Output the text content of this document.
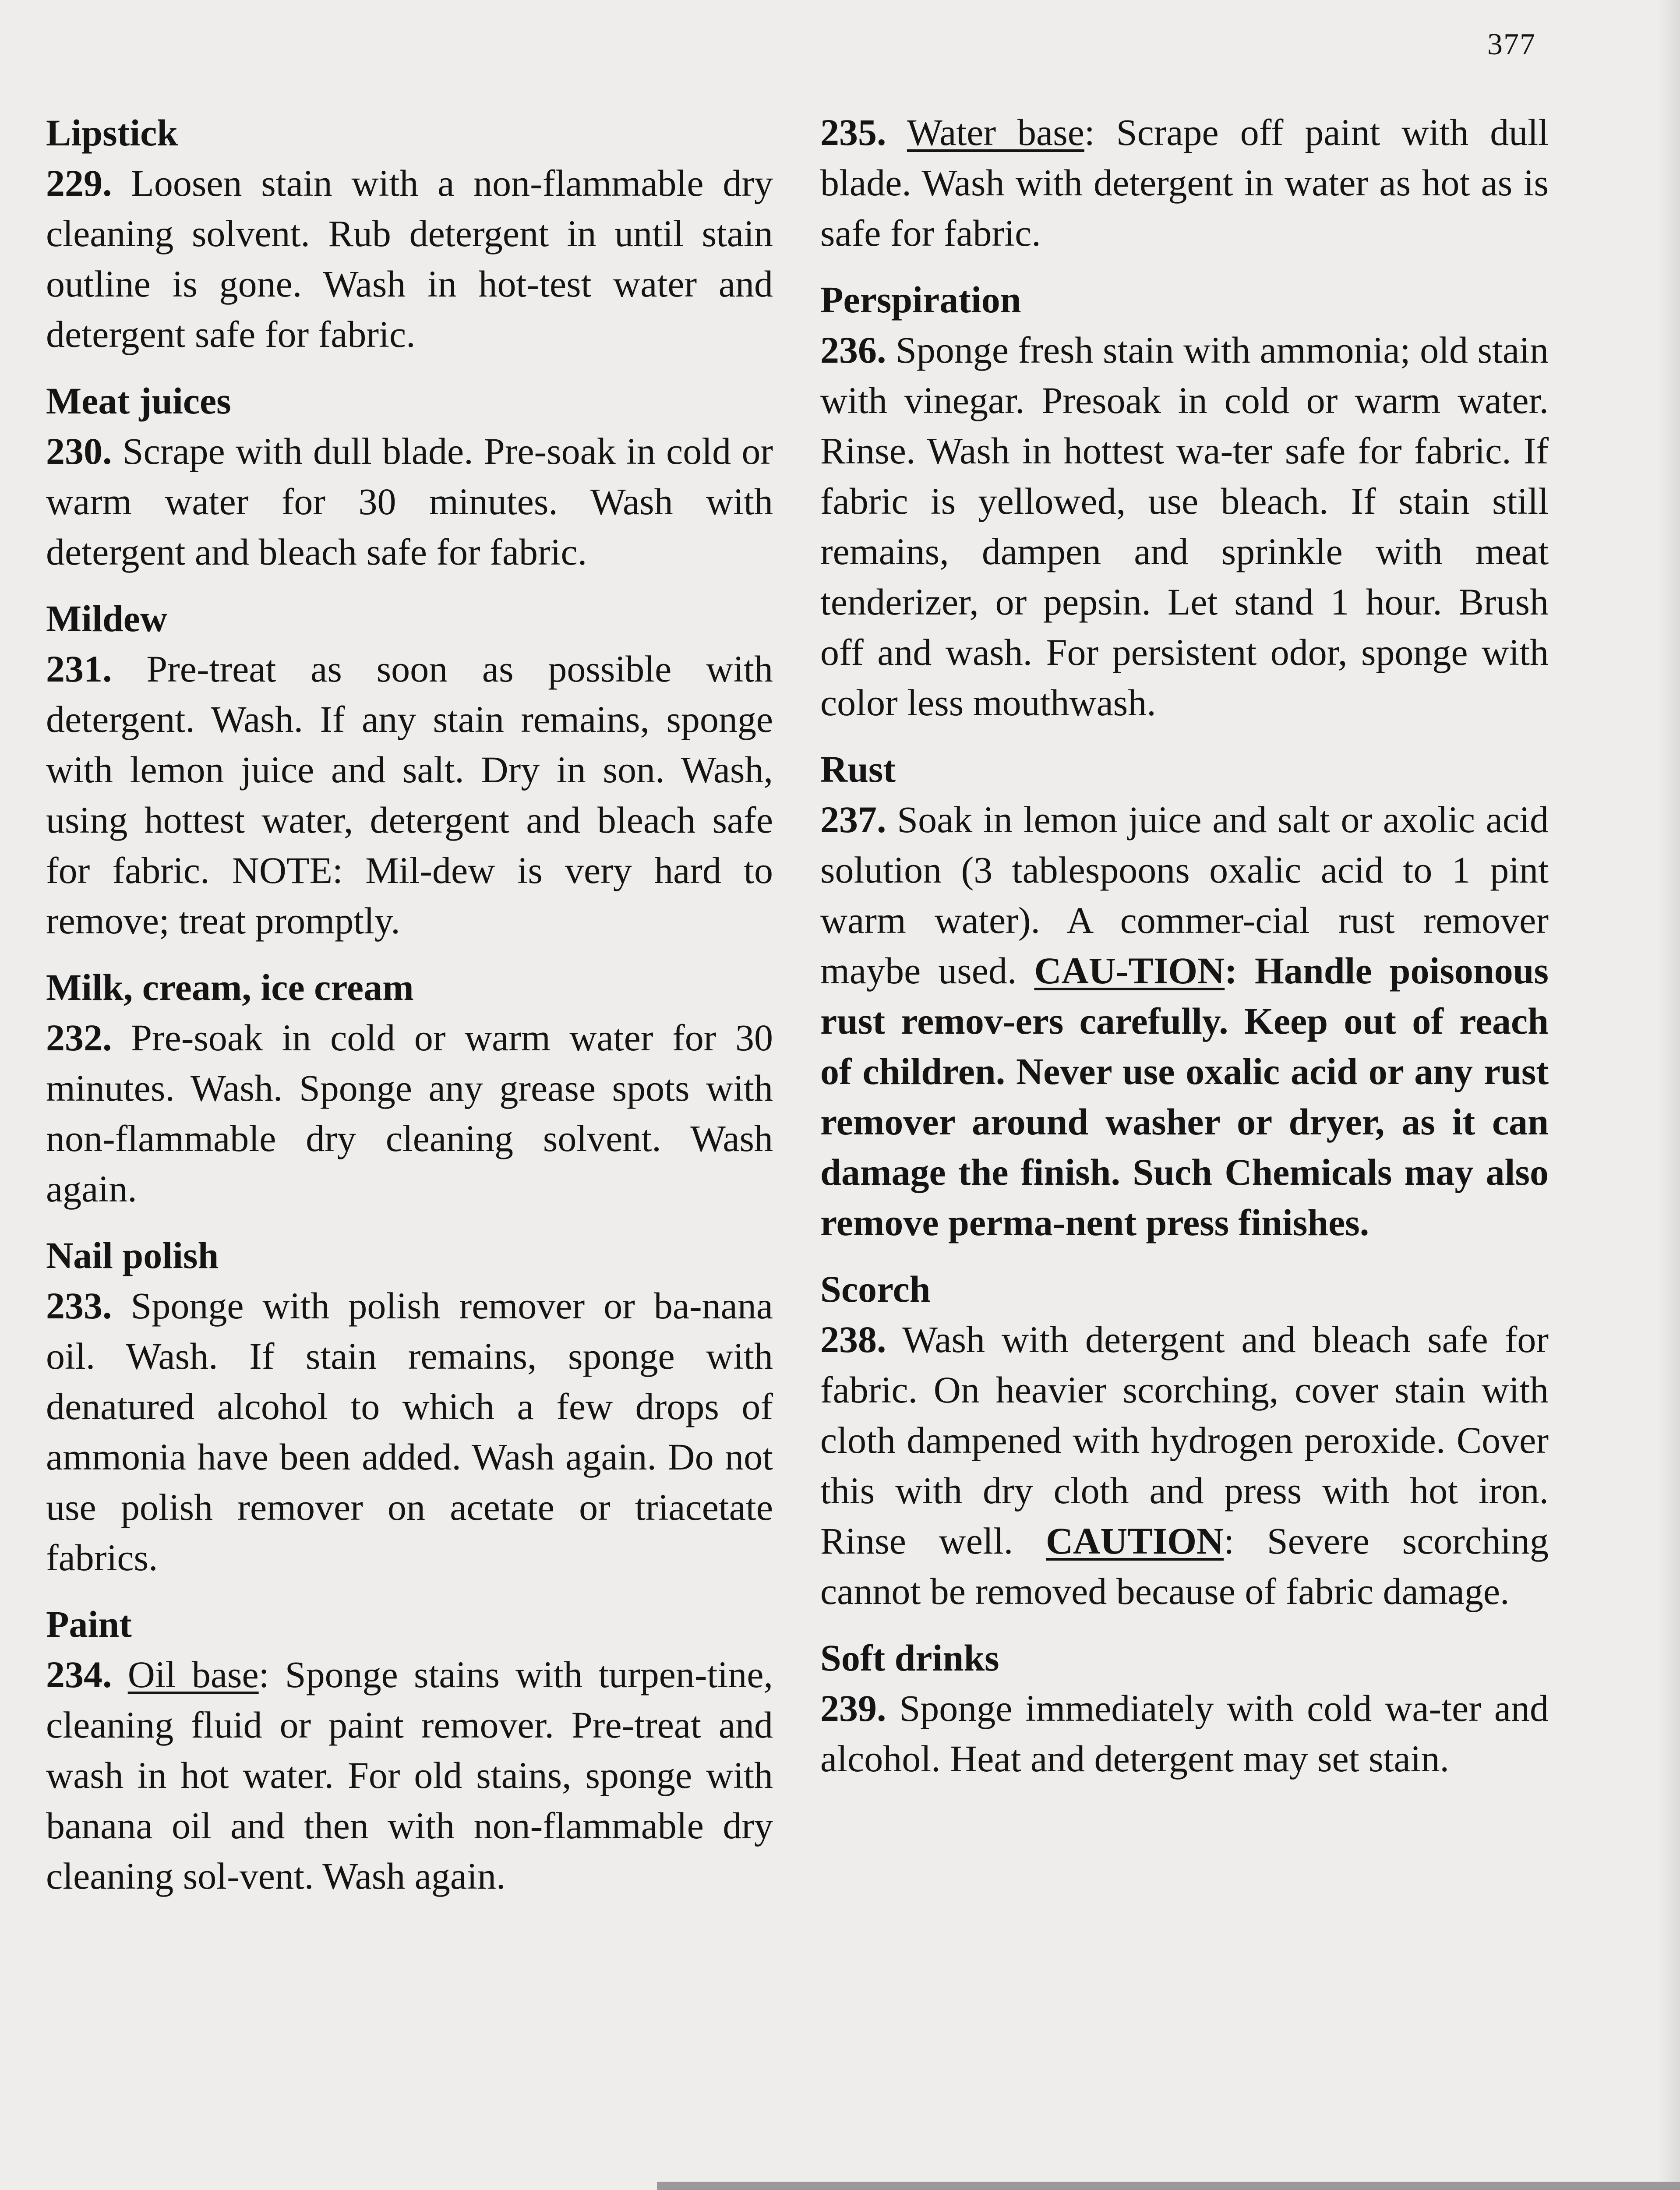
377

Lipstick

229. Loosen stain with a non-flammable dry cleaning solvent. Rub detergent in until stain outline is gone. Wash in hot-test water and detergent safe for fabric.

Meat juices

230. Scrape with dull blade. Pre-soak in cold or warm water for 30 minutes. Wash with detergent and bleach safe for fabric.

Mildew

231. Pre-treat as soon as possible with detergent. Wash. If any stain remains, sponge with lemon juice and salt. Dry in son. Wash, using hottest water, detergent and bleach safe for fabric. NOTE: Mil-dew is very hard to remove; treat promptly.

Milk, cream, ice cream

232. Pre-soak in cold or warm water for 30 minutes. Wash. Sponge any grease spots with non-flammable dry cleaning solvent. Wash again.

Nail polish

233. Sponge with polish remover or ba-nana oil. Wash. If stain remains, sponge with denatured alcohol to which a few drops of ammonia have been added. Wash again. Do not use polish remover on acetate or triacetate fabrics.

Paint

234. Oil base: Sponge stains with turpen-tine, cleaning fluid or paint remover. Pre-treat and wash in hot water. For old stains, sponge with banana oil and then with non-flammable dry cleaning sol-vent. Wash again.

235. Water base: Scrape off paint with dull blade. Wash with detergent in water as hot as is safe for fabric.

Perspiration

236. Sponge fresh stain with ammonia; old stain with vinegar. Presoak in cold or warm water. Rinse. Wash in hottest wa-ter safe for fabric. If fabric is yellowed, use bleach. If stain still remains, dampen and sprinkle with meat tenderizer, or pepsin. Let stand 1 hour. Brush off and wash. For persistent odor, sponge with color less mouthwash.

Rust

237. Soak in lemon juice and salt or axolic acid solution (3 tablespoons oxalic acid to 1 pint warm water). A commer-cial rust remover maybe used. CAU-TION: Handle poisonous rust remov-ers carefully. Keep out of reach of children. Never use oxalic acid or any rust remover around washer or dryer, as it can damage the finish. Such Chemicals may also remove perma-nent press finishes.

Scorch

238. Wash with detergent and bleach safe for fabric. On heavier scorching, cover stain with cloth dampened with hydrogen peroxide. Cover this with dry cloth and press with hot iron. Rinse well. CAUTION: Severe scorching cannot be removed because of fabric damage.

Soft drinks

239. Sponge immediately with cold wa-ter and alcohol. Heat and detergent may set stain.
